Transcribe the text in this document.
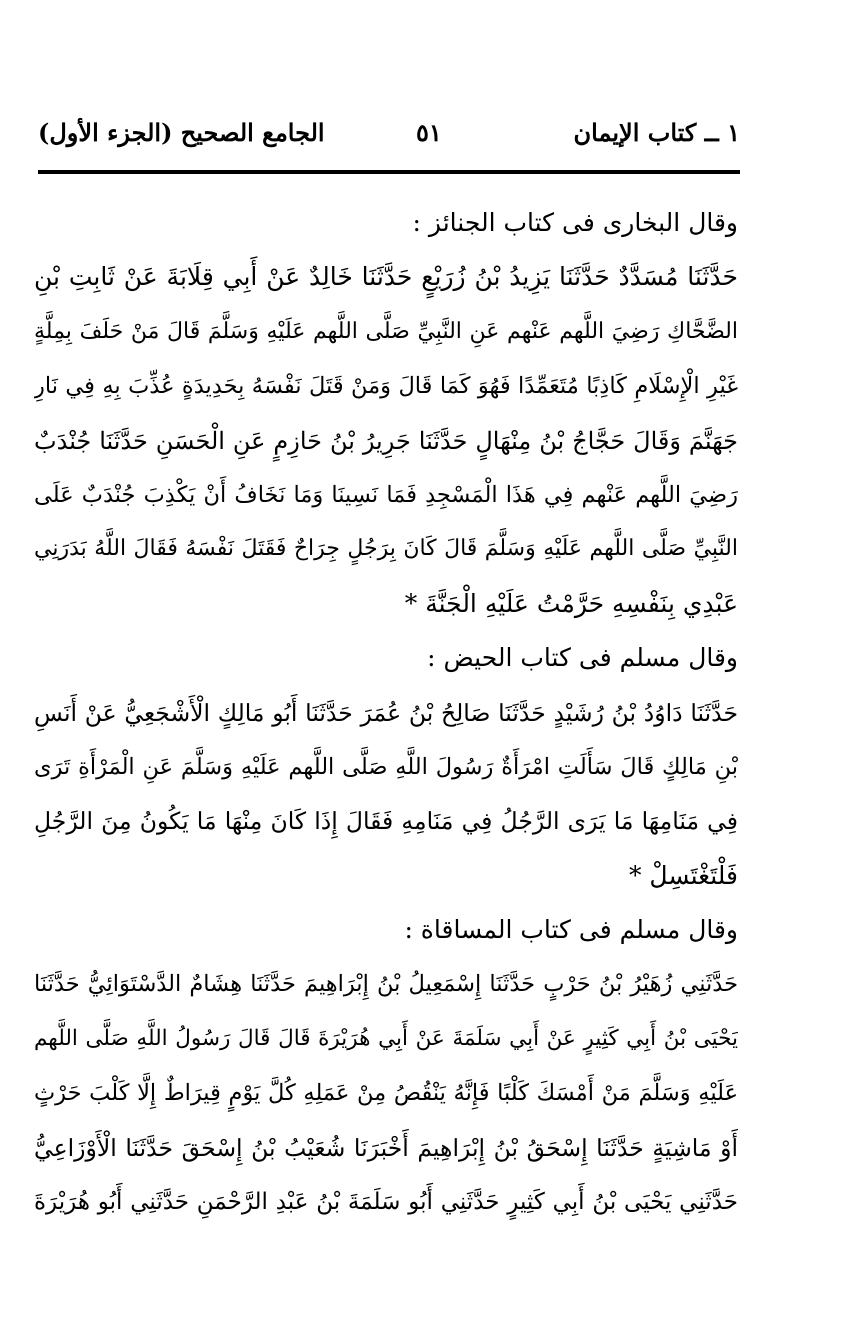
١ ــ كتاب الإيمان
٥١
الجامع الصحيح (الجزء الأول)
وقال البخارى فى كتاب الجنائز :
حَدَّثَنَا مُسَدَّدٌ حَدَّثَنَا يَزِيدُ بْنُ زُرَيْعٍ حَدَّثَنَا خَالِدٌ عَنْ أَبِي قِلَابَةَ عَنْ ثَابِتِ بْنِ
الضَّحَّاكِ رَضِيَ اللَّهم عَنْهم عَنِ النَّبِيِّ صَلَّى اللَّهم عَلَيْهِ وَسَلَّمَ قَالَ مَنْ حَلَفَ بِمِلَّةٍ
غَيْرِ الْإِسْلَامِ كَاذِبًا مُتَعَمِّدًا فَهُوَ كَمَا قَالَ وَمَنْ قَتَلَ نَفْسَهُ بِحَدِيدَةٍ عُذِّبَ بِهِ فِي نَارِ
جَهَنَّمَ وَقَالَ حَجَّاجُ بْنُ مِنْهَالٍ حَدَّثَنَا جَرِيرُ بْنُ حَازِمٍ عَنِ الْحَسَنِ حَدَّثَنَا جُنْدَبٌ
رَضِيَ اللَّهم عَنْهم فِي هَذَا الْمَسْجِدِ فَمَا نَسِينَا وَمَا نَخَافُ أَنْ يَكْذِبَ جُنْدَبٌ عَلَى
النَّبِيِّ صَلَّى اللَّهم عَلَيْهِ وَسَلَّمَ قَالَ كَانَ بِرَجُلٍ جِرَاحٌ فَقَتَلَ نَفْسَهُ فَقَالَ اللَّهُ بَدَرَنِي
عَبْدِي بِنَفْسِهِ حَرَّمْتُ عَلَيْهِ الْجَنَّةَ *
وقال مسلم فى كتاب الحيض :
حَدَّثَنَا دَاوُدُ بْنُ رُشَيْدٍ حَدَّثَنَا صَالِحُ بْنُ عُمَرَ حَدَّثَنَا أَبُو مَالِكٍ الْأَشْجَعِيُّ عَنْ أَنَسِ
بْنِ مَالِكٍ قَالَ سَأَلَتِ امْرَأَةٌ رَسُولَ اللَّهِ صَلَّى اللَّهم عَلَيْهِ وَسَلَّمَ عَنِ الْمَرْأَةِ تَرَى
فِي مَنَامِهَا مَا يَرَى الرَّجُلُ فِي مَنَامِهِ فَقَالَ إِذَا كَانَ مِنْهَا مَا يَكُونُ مِنَ الرَّجُلِ
فَلْتَغْتَسِلْ *
وقال مسلم فى كتاب المساقاة :
حَدَّثَنِي زُهَيْرُ بْنُ حَرْبٍ حَدَّثَنَا إِسْمَعِيلُ بْنُ إِبْرَاهِيمَ حَدَّثَنَا هِشَامٌ الدَّسْتَوَائِيُّ حَدَّثَنَا
يَحْيَى بْنُ أَبِي كَثِيرٍ عَنْ أَبِي سَلَمَةَ عَنْ أَبِي هُرَيْرَةَ قَالَ قَالَ رَسُولُ اللَّهِ صَلَّى اللَّهم
عَلَيْهِ وَسَلَّمَ مَنْ أَمْسَكَ كَلْبًا فَإِنَّهُ يَنْقُصُ مِنْ عَمَلِهِ كُلَّ يَوْمٍ قِيرَاطٌ إِلَّا كَلْبَ حَرْثٍ
أَوْ مَاشِيَةٍ حَدَّثَنَا إِسْحَقُ بْنُ إِبْرَاهِيمَ أَخْبَرَنَا شُعَيْبُ بْنُ إِسْحَقَ حَدَّثَنَا الْأَوْزَاعِيُّ
حَدَّثَنِي يَحْيَى بْنُ أَبِي كَثِيرٍ حَدَّثَنِي أَبُو سَلَمَةَ بْنُ عَبْدِ الرَّحْمَنِ حَدَّثَنِي أَبُو هُرَيْرَةَ
